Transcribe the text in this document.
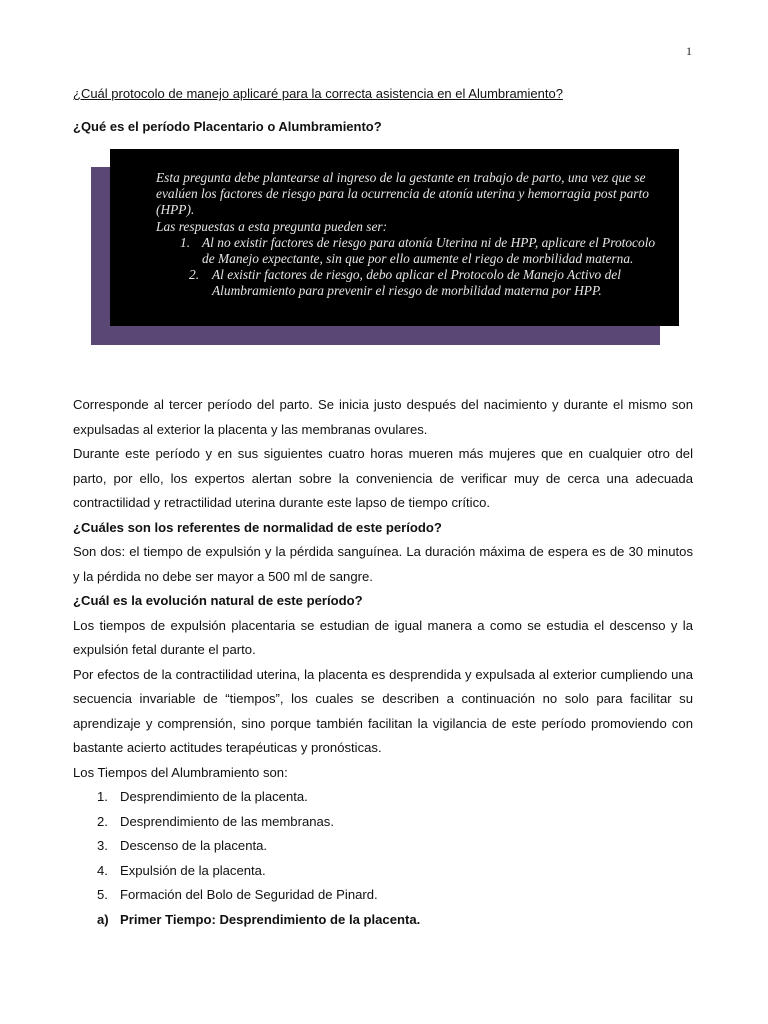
1
¿Cuál protocolo de manejo aplicaré para la correcta asistencia en el Alumbramiento?
¿Qué es el período Placentario o Alumbramiento?

Esta pregunta debe plantearse al ingreso de la gestante en trabajo de parto, una vez que se evalúen los factores de riesgo para la ocurrencia de atonía uterina y hemorragia post parto (HPP).

Las respuestas a esta pregunta pueden ser:

1. Al no existir factores de riesgo para atonía Uterina ni de HPP, aplicare el Protocolo de Manejo expectante, sin que por ello aumente el riego de morbilidad materna.
2. Al existir factores de riesgo, debo aplicar el Protocolo de Manejo Activo del Alumbramiento para prevenir el riesgo de morbilidad materna por HPP.

Corresponde al tercer período del parto. Se inicia justo después del nacimiento y durante el mismo son expulsadas al exterior la placenta y las membranas ovulares.

Durante este período y en sus siguientes cuatro horas mueren más mujeres que en cualquier otro del parto, por ello, los expertos alertan sobre la conveniencia de verificar muy de cerca una adecuada contractilidad y retractilidad uterina durante este lapso de tiempo crítico.

¿Cuáles son los referentes de normalidad de este período?

Son dos: el tiempo de expulsión y la pérdida sanguínea. La duración máxima de espera es de 30 minutos y la pérdida no debe ser mayor a 500 ml de sangre.

¿Cuál es la evolución natural de este período?

Los tiempos de expulsión placentaria se estudian de igual manera a como se estudia el descenso y la expulsión fetal durante el parto.

Por efectos de la contractilidad uterina, la placenta es desprendida y expulsada al exterior cumpliendo una secuencia invariable de “tiempos”, los cuales se describen a continuación no solo para facilitar su aprendizaje y comprensión, sino porque también facilitan la vigilancia de este período promoviendo con bastante acierto actitudes terapéuticas y pronósticas.

Los Tiempos del Alumbramiento son:

1. Desprendimiento de la placenta.
2. Desprendimiento de las membranas.
3. Descenso de la placenta.
4. Expulsión de la placenta.
5. Formación del Bolo de Seguridad de Pinard.
a) Primer Tiempo: Desprendimiento de la placenta.
